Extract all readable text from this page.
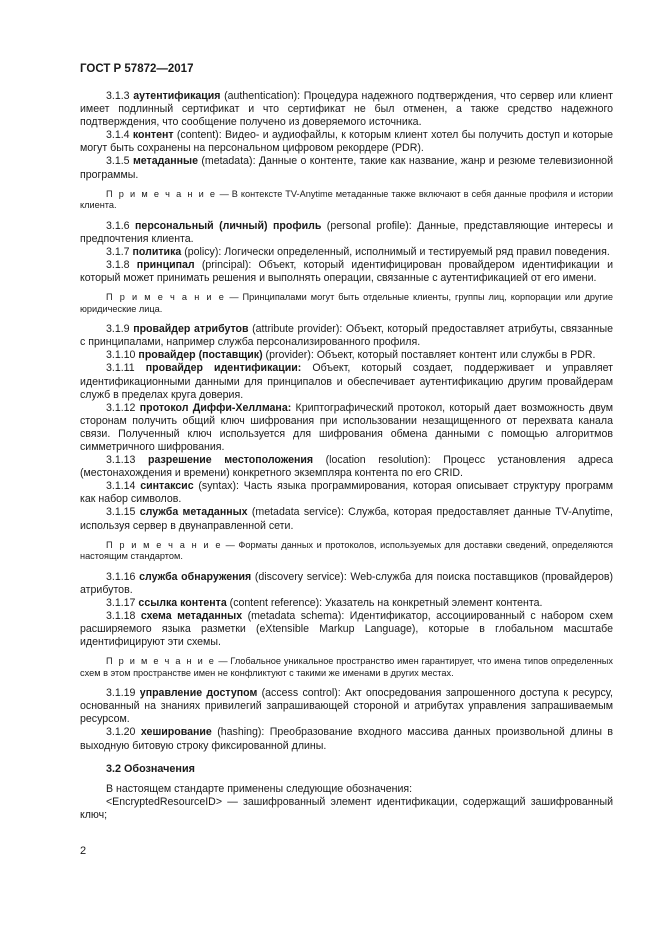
ГОСТ Р 57872—2017

3.1.3 аутентификация (authentication): Процедура надежного подтверждения, что сервер или клиент имеет подлинный сертификат и что сертификат не был отменен, а также средство надежного подтверждения, что сообщение получено из доверяемого источника.

3.1.4 контент (content): Видео- и аудиофайлы, к которым клиент хотел бы получить доступ и которые могут быть сохранены на персональном цифровом рекордере (PDR).

3.1.5 метаданные (metadata): Данные о контенте, такие как название, жанр и резюме телевизионной программы.

П р и м е ч а н и е — В контексте TV-Anytime метаданные также включают в себя данные профиля и истории клиента.

3.1.6 персональный (личный) профиль (personal profile): Данные, представляющие интересы и предпочтения клиента.

3.1.7 политика (policy): Логически определенный, исполнимый и тестируемый ряд правил поведения.

3.1.8 принципал (principal): Объект, который идентифицирован провайдером идентификации и который может принимать решения и выполнять операции, связанные с аутентификацией от его имени.

П р и м е ч а н и е — Принципалами могут быть отдельные клиенты, группы лиц, корпорации или другие юридические лица.

3.1.9 провайдер атрибутов (attribute provider): Объект, который предоставляет атрибуты, связанные с принципалами, например служба персонализированного профиля.

3.1.10 провайдер (поставщик) (provider): Объект, который поставляет контент или службы в PDR.

3.1.11 провайдер идентификации: Объект, который создает, поддерживает и управляет идентификационными данными для принципалов и обеспечивает аутентификацию другим провайдерам служб в пределах круга доверия.

3.1.12 протокол Диффи-Хеллмана: Криптографический протокол, который дает возможность двум сторонам получить общий ключ шифрования при использовании незащищенного от перехвата канала связи. Полученный ключ используется для шифрования обмена данными с помощью алгоритмов симметричного шифрования.

3.1.13 разрешение местоположения (location resolution): Процесс установления адреса (местонахождения и времени) конкретного экземпляра контента по его CRID.

3.1.14 синтаксис (syntax): Часть языка программирования, которая описывает структуру программ как набор символов.

3.1.15 служба метаданных (metadata service): Служба, которая предоставляет данные TV-Anytime, используя сервер в двунаправленной сети.

П р и м е ч а н и е — Форматы данных и протоколов, используемых для доставки сведений, определяются настоящим стандартом.

3.1.16 служба обнаружения (discovery service): Web-служба для поиска поставщиков (провайдеров) атрибутов.

3.1.17 ссылка контента (content reference): Указатель на конкретный элемент контента.

3.1.18 схема метаданных (metadata schema): Идентификатор, ассоциированный с набором схем расширяемого языка разметки (eXtensible Markup Language), которые в глобальном масштабе идентифицируют эти схемы.

П р и м е ч а н и е — Глобальное уникальное пространство имен гарантирует, что имена типов определенных схем в этом пространстве имен не конфликтуют с такими же именами в других местах.

3.1.19 управление доступом (access control): Акт опосредования запрошенного доступа к ресурсу, основанный на знаниях привилегий запрашивающей стороной и атрибутах управления запрашиваемым ресурсом.

3.1.20 хеширование (hashing): Преобразование входного массива данных произвольной длины в выходную битовую строку фиксированной длины.

3.2 Обозначения

В настоящем стандарте применены следующие обозначения:

<EncryptedResourceID> — зашифрованный элемент идентификации, содержащий зашифрованный ключ;

2
